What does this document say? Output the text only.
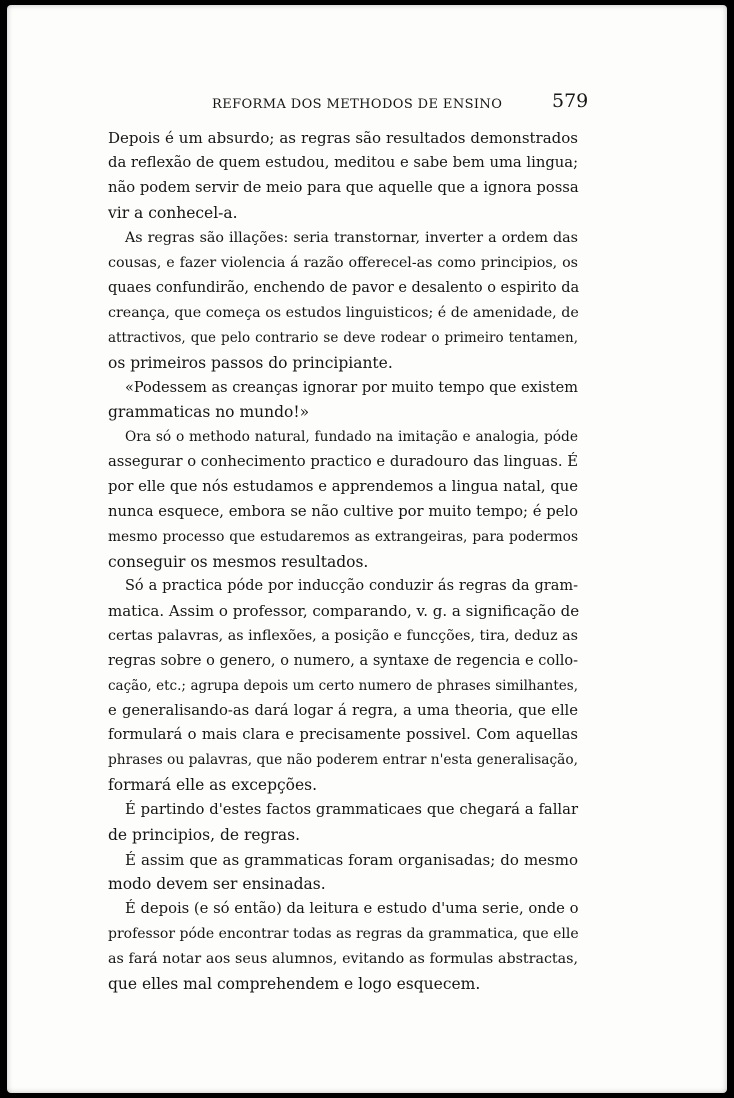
REFORMA DOS METHODOS DE ENSINO	579
Depois é um absurdo; as regras são resultados demonstrados
da reflexão de quem estudou, meditou e sabe bem uma lingua;
não podem servir de meio para que aquelle que a ignora possa
vir a conhecel-a.
As regras são illações: seria transtornar, inverter a ordem das
cousas, e fazer violencia á razão offerecel-as como principios, os
quaes confundirão, enchendo de pavor e desalento o espirito da
creança, que começa os estudos linguisticos; é de amenidade, de
attractivos, que pelo contrario se deve rodear o primeiro tentamen,
os primeiros passos do principiante.
«Podessem as creanças ignorar por muito tempo que existem
grammaticas no mundo!»
Ora só o methodo natural, fundado na imitação e analogia, póde
assegurar o conhecimento practico e duradouro das linguas. É
por elle que nós estudamos e apprendemos a lingua natal, que
nunca esquece, embora se não cultive por muito tempo; é pelo
mesmo processo que estudaremos as extrangeiras, para podermos
conseguir os mesmos resultados.
Só a practica póde por inducção conduzir ás regras da gram-
matica. Assim o professor, comparando, v. g. a significação de
certas palavras, as inflexões, a posição e funcções, tira, deduz as
regras sobre o genero, o numero, a syntaxe de regencia e collo-
cação, etc.; agrupa depois um certo numero de phrases similhantes,
e generalisando-as dará logar á regra, a uma theoria, que elle
formulará o mais clara e precisamente possivel. Com aquellas
phrases ou palavras, que não poderem entrar n'esta generalisação,
formará elle as excepções.
É partindo d'estes factos grammaticaes que chegará a fallar
de principios, de regras.
É assim que as grammaticas foram organisadas; do mesmo
modo devem ser ensinadas.
É depois (e só então) da leitura e estudo d'uma serie, onde o
professor póde encontrar todas as regras da grammatica, que elle
as fará notar aos seus alumnos, evitando as formulas abstractas,
que elles mal comprehendem e logo esquecem.
